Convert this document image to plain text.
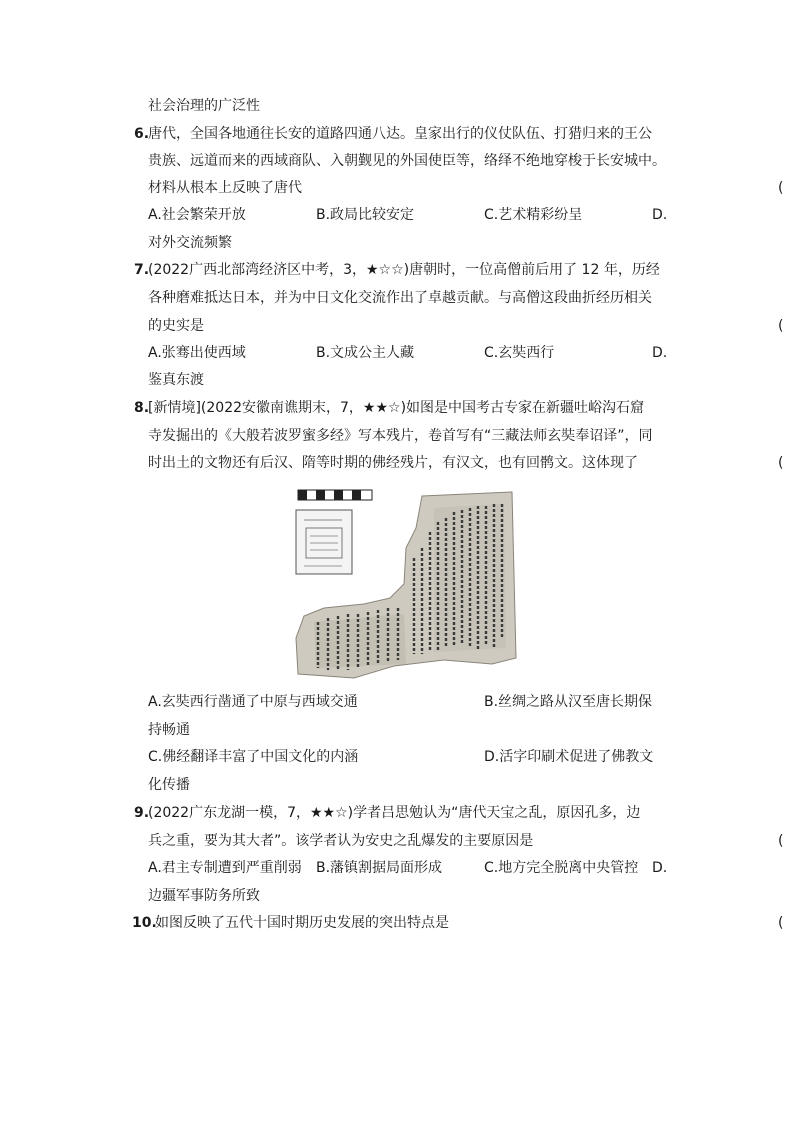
社会治理的广泛性
6.
唐代，全国各地通往长安的道路四通八达。皇家出行的仪仗队伍、打猎归来的王公
贵族、远道而来的西域商队、入朝觐见的外国使臣等，络绎不绝地穿梭于长安城中。
材料从根本上反映了唐代	(
A.社会繁荣开放	B.政局比较安定	C.艺术精彩纷呈	D.
对外交流频繁
7.
(2022广西北部湾经济区中考，3，★☆☆)唐朝时，一位高僧前后用了 12 年，历经
各种磨难抵达日本，并为中日文化交流作出了卓越贡献。与高僧这段曲折经历相关
的史实是	(
A.张骞出使西域	B.文成公主人藏	C.玄奘西行	D.
鉴真东渡
8.
[新情境](2022安徽南谯期末，7，★★☆)如图是中国考古专家在新疆吐峪沟石窟
寺发掘出的《大般若波罗蜜多经》写本残片，卷首写有“三藏法师玄奘奉诏译”，同
时出土的文物还有后汉、隋等时期的佛经残片，有汉文，也有回鹘文。这体现了	(
A.玄奘西行凿通了中原与西域交通	B.丝绸之路从汉至唐长期保
持畅通
C.佛经翻译丰富了中国文化的内涵	D.活字印刷术促进了佛教文
化传播
9.
(2022广东龙湖一模，7，★★☆)学者吕思勉认为“唐代天宝之乱，原因孔多，边
兵之重，要为其大者”。该学者认为安史之乱爆发的主要原因是	(
A.君主专制遭到严重削弱 B.藩镇割据局面形成	C.地方完全脱离中央管控 D.
边疆军事防务所致
10.
如图反映了五代十国时期历史发展的突出特点是	(
